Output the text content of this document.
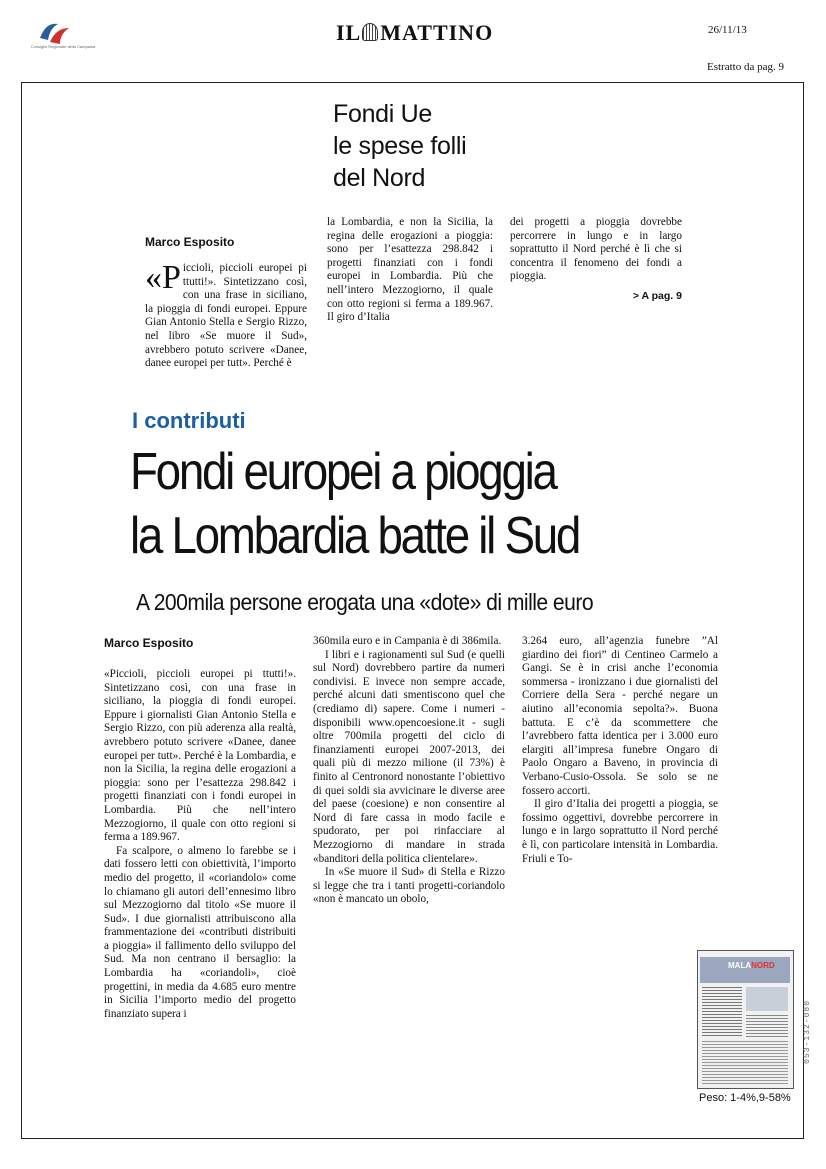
Consiglio Regionale della Campania
IL MATTINO	26/11/13
Estratto da pag. 9
Fondi Ue
le spese folli
del Nord
Marco Esposito
«Piccioli, piccioli europei pi ttutti!». Sintetizzano così, con una frase in siciliano, la pioggia di fondi europei. Eppure Gian Antonio Stella e Sergio Rizzo, nel libro «Se muore il Sud», avrebbero potuto scrivere «Danee, danee europei per tutt». Perché è

la Lombardia, e non la Sicilia, la regina delle erogazioni a pioggia: sono per l’esattezza 298.842 i progetti finanziati con i fondi europei in Lombardia. Più che nell’intero Mezzogiorno, il quale con otto regioni si ferma a 189.967. Il giro d’Italia

dei progetti a pioggia dovrebbe percorrere in lungo e in largo soprattutto il Nord perché è lì che si concentra il fenomeno dei fondi a pioggia.

> A pag. 9
I contributi
Fondi europei a pioggia
la Lombardia batte il Sud
A 200mila persone erogata una «dote» di mille euro
Marco Esposito

«Piccioli, piccioli europei pi ttutti!». Sintetizzano così, con una frase in siciliano, la pioggia di fondi europei. Eppure i giornalisti Gian Antonio Stella e Sergio Rizzo, con più aderenza alla realtà, avrebbero potuto scrivere «Danee, danee europei per tutt». Perché è la Lombardia, e non la Sicilia, la regina delle erogazioni a pioggia: sono per l’esattezza 298.842 i progetti finanziati con i fondi europei in Lombardia. Più che nell’intero Mezzogiorno, il quale con otto regioni si ferma a 189.967.

Fa scalpore, o almeno lo farebbe se i dati fossero letti con obiettività, l’importo medio del progetto, il «coriandolo» come lo chiamano gli autori dell’ennesimo libro sul Mezzogiorno dal titolo «Se muore il Sud». I due giornalisti attribuiscono alla frammentazione dei «contributi distribuiti a pioggia» il fallimento dello sviluppo del Sud. Ma non centrano il bersaglio: la Lombardia ha «coriandoli», cioè progettini, in media da 4.685 euro mentre in Sicilia l’importo medio del progetto finanziato supera i

360mila euro e in Campania è di 386mila.

I libri e i ragionamenti sul Sud (e quelli sul Nord) dovrebbero partire da numeri condivisi. E invece non sempre accade, perché alcuni dati smentiscono quel che (crediamo di) sapere. Come i numeri - disponibili www.opencoesione.it - sugli oltre 700mila progetti del ciclo di finanziamenti europei 2007-2013, dei quali più di mezzo milione (il 73%) è finito al Centronord nonostante l’obiettivo di quei soldi sia avvicinare le diverse aree del paese (coesione) e non consentire al Nord di fare cassa in modo facile e spudorato, per poi rinfacciare al Mezzogiorno di mandare in strada «banditori della politica clientelare».

In «Se muore il Sud» di Stella e Rizzo si legge che tra i tanti progetti-coriandolo «non è mancato un obolo,

3.264 euro, all’agenzia funebre ”Al giardino dei fiori” di Centineo Carmelo a Gangi. Se è in crisi anche l’economia sommersa - ironizzano i due giornalisti del Corriere della Sera - perché negare un aiutino all’economia sepolta?». Buona battuta. E c’è da scommettere che l’avrebbero fatta identica per i 3.000 euro elargiti all’impresa funebre Ongaro di Paolo Ongaro a Baveno, in provincia di Verbano-Cusio-Ossola. Se solo se ne fossero accorti.

Il giro d’Italia dei progetti a pioggia, se fossimo oggettivi, dovrebbe percorrere in lungo e in largo soprattutto il Nord perché è lì, con particolare intensità in Lombardia. Friuli e To-

MALANORD
Peso: 1-4%,9-58%
053-132-080
